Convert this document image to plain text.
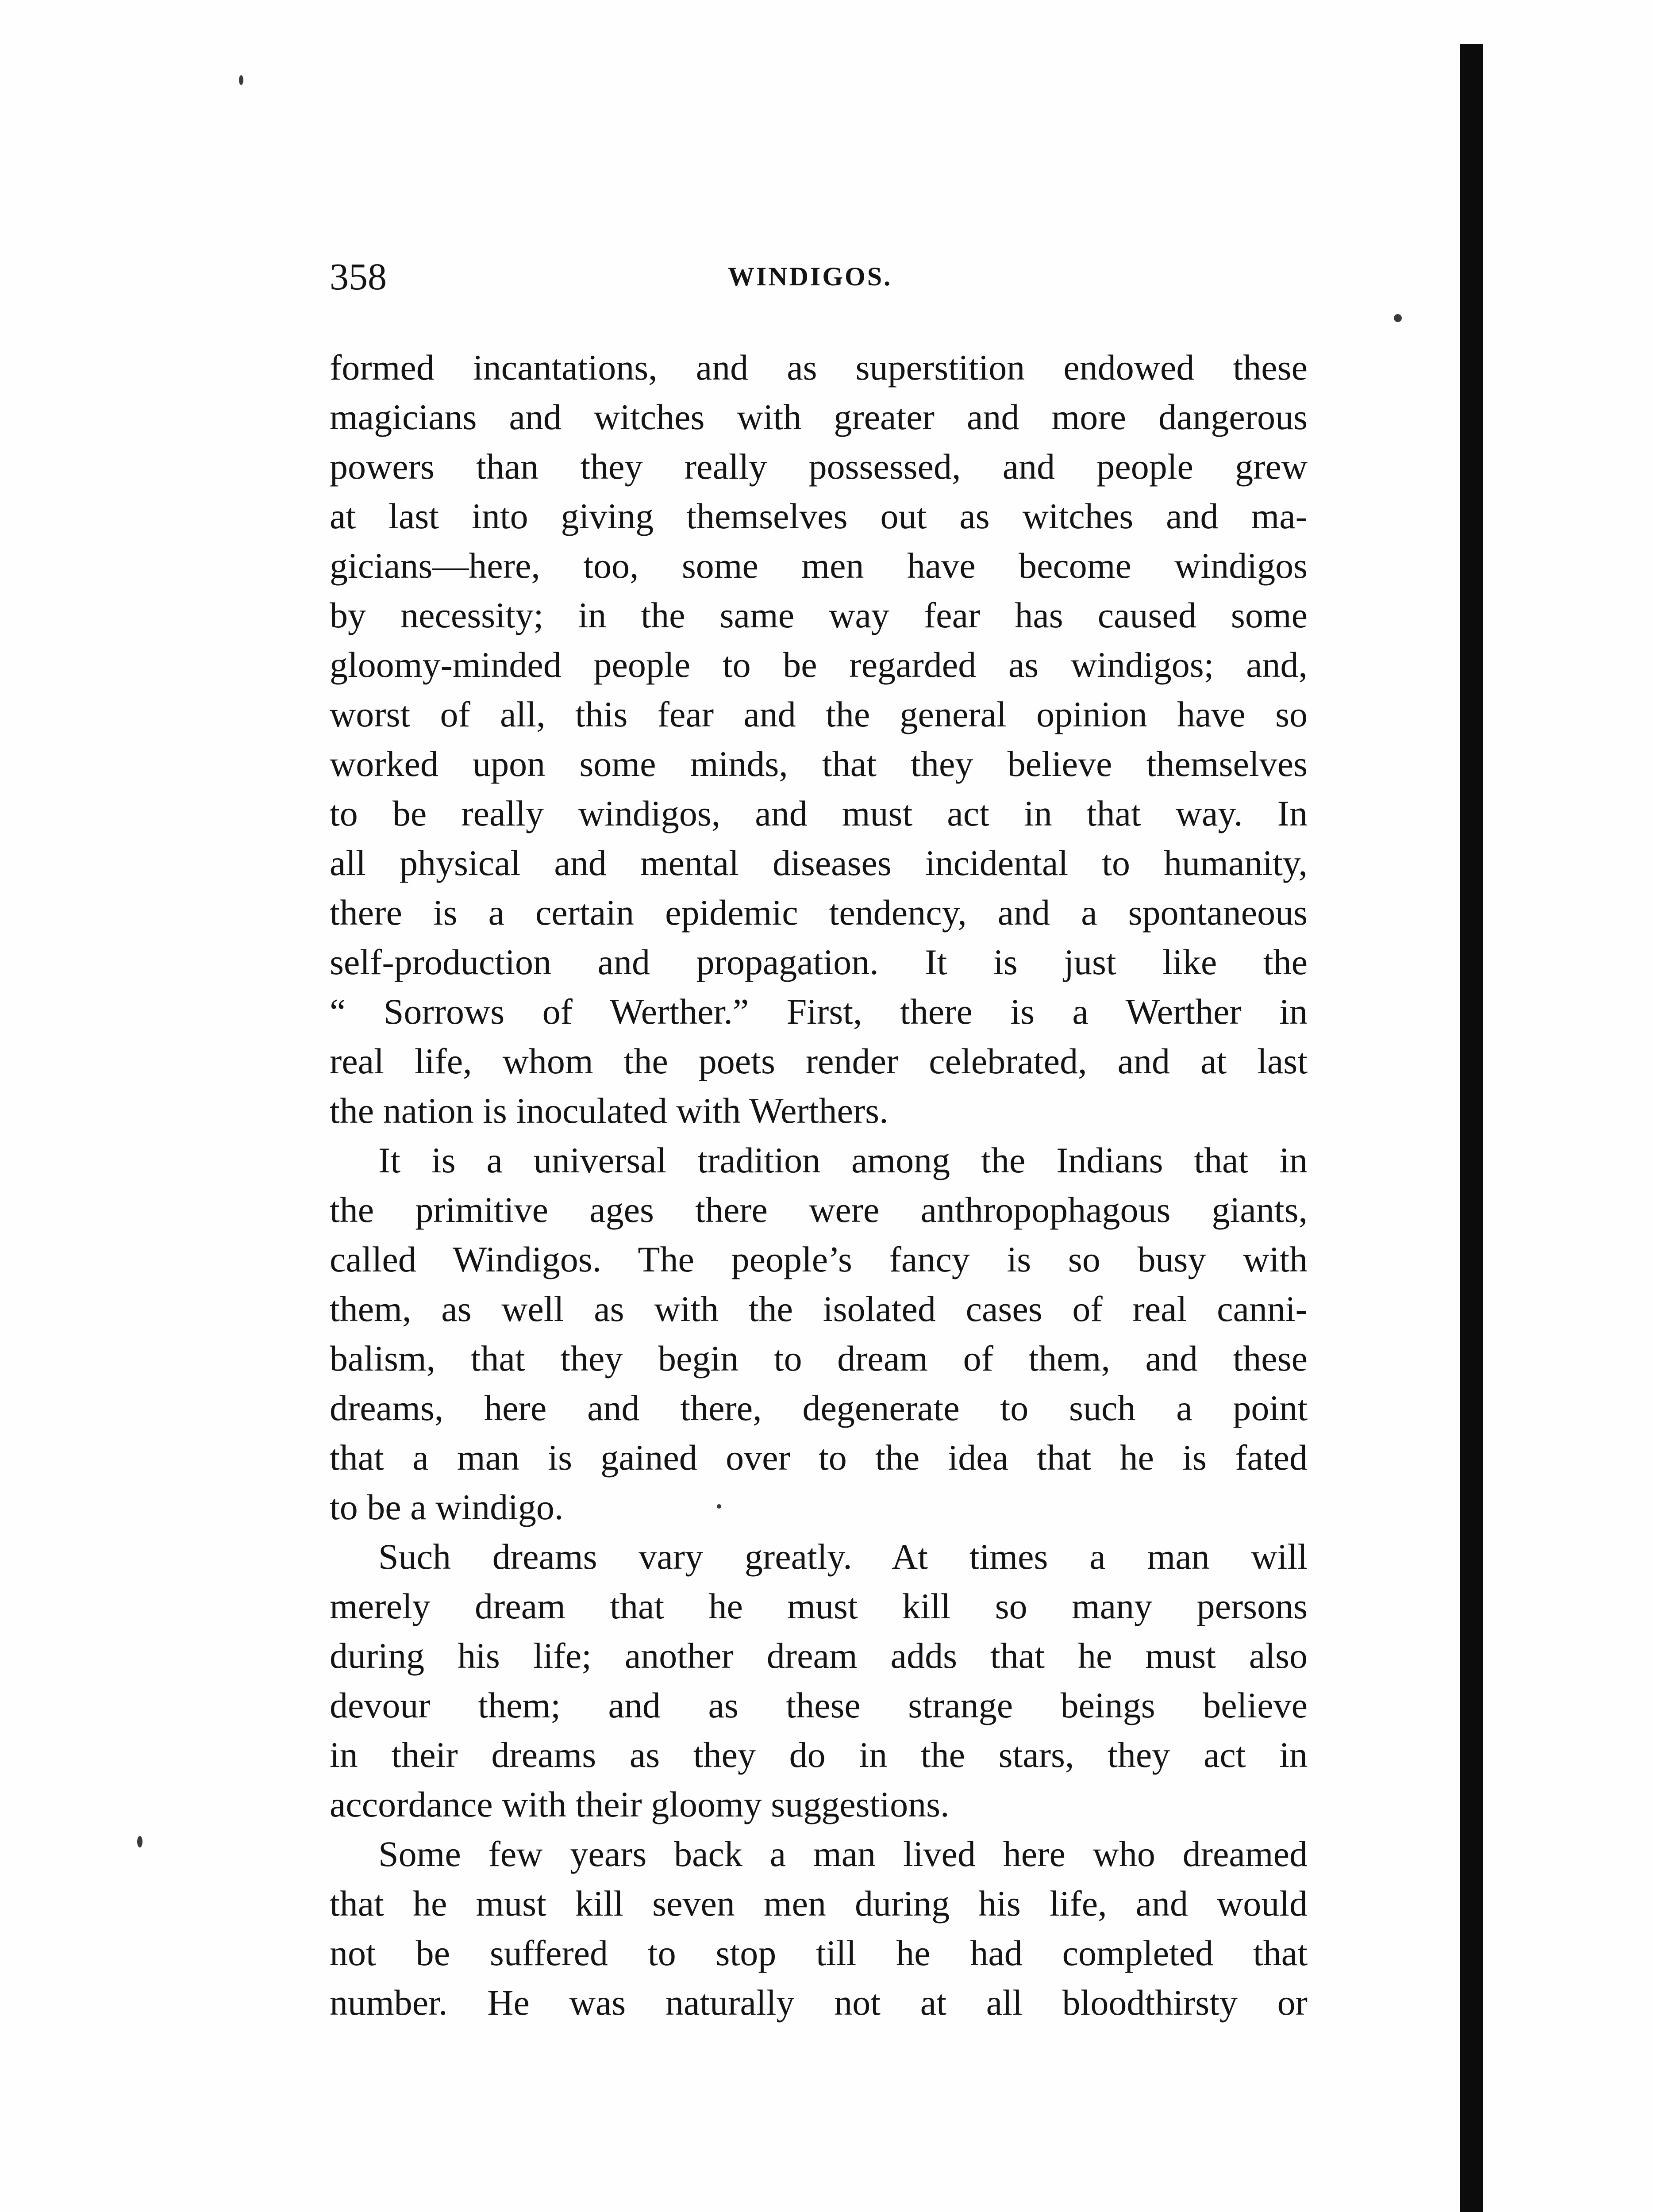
358	WINDIGOS.
formed incantations, and as superstition endowed these
magicians and witches with greater and more dangerous
powers than they really possessed, and people grew
at last into giving themselves out as witches and ma-
gicians—here, too, some men have become windigos
by necessity; in the same way fear has caused some
gloomy-minded people to be regarded as windigos; and,
worst of all, this fear and the general opinion have so
worked upon some minds, that they believe themselves
to be really windigos, and must act in that way. In
all physical and mental diseases incidental to humanity,
there is a certain epidemic tendency, and a spontaneous
self-production and propagation. It is just like the
“ Sorrows of Werther.” First, there is a Werther in
real life, whom the poets render celebrated, and at last
the nation is inoculated with Werthers.
It is a universal tradition among the Indians that in
the primitive ages there were anthropophagous giants,
called Windigos. The people’s fancy is so busy with
them, as well as with the isolated cases of real canni-
balism, that they begin to dream of them, and these
dreams, here and there, degenerate to such a point
that a man is gained over to the idea that he is fated
to be a windigo.
Such dreams vary greatly. At times a man will
merely dream that he must kill so many persons
during his life; another dream adds that he must also
devour them; and as these strange beings believe
in their dreams as they do in the stars, they act in
accordance with their gloomy suggestions.
Some few years back a man lived here who dreamed
that he must kill seven men during his life, and would
not be suffered to stop till he had completed that
number. He was naturally not at all bloodthirsty or
